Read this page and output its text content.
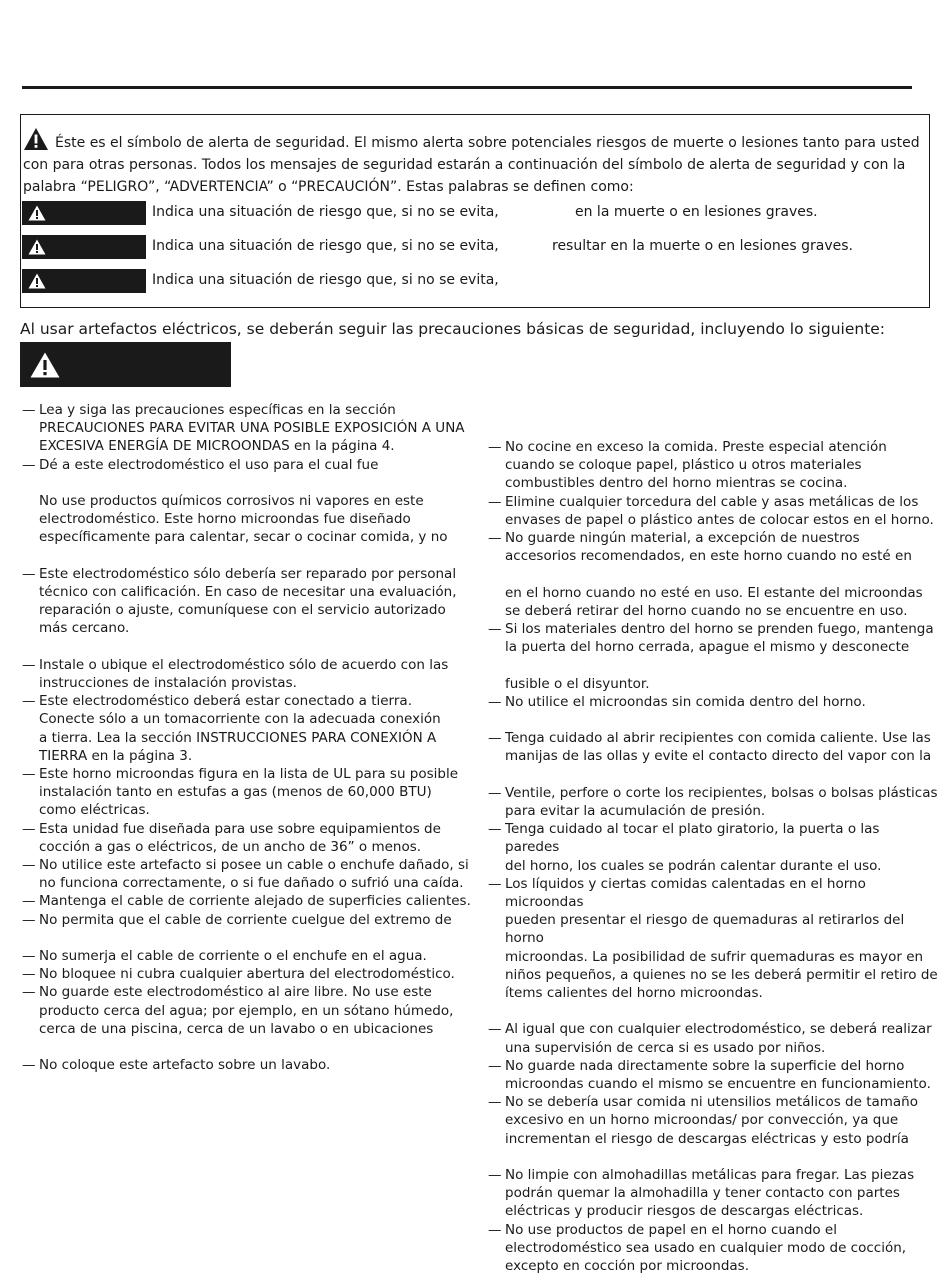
Éste es el símbolo de alerta de seguridad. El mismo alerta sobre potenciales riesgos de muerte o lesiones tanto para usted con para otras personas. Todos los mensajes de seguridad estarán a continuación del símbolo de alerta de seguridad y con la palabra “PELIGRO”, “ADVERTENCIA” o “PRECAUCIÓN”. Estas palabras se definen como:

Indica una situación de riesgo que, si no se evita,	en la muerte o en lesiones graves.
Indica una situación de riesgo que, si no se evita,	resultar en la muerte o en lesiones graves.
Indica una situación de riesgo que, si no se evita,

Al usar artefactos eléctricos, se deberán seguir las precauciones básicas de seguridad, incluyendo lo siguiente:

— Lea y siga las precauciones específicas en la sección
PRECAUCIONES PARA EVITAR UNA POSIBLE EXPOSICIÓN A UNA
EXCESIVA ENERGÍA DE MICROONDAS en la página 4.
— Dé a este electrodoméstico el uso para el cual fue
No use productos químicos corrosivos ni vapores en este
electrodoméstico. Este horno microondas fue diseñado
específicamente para calentar, secar o cocinar comida, y no
— Este electrodoméstico sólo debería ser reparado por personal
técnico con calificación. En caso de necesitar una evaluación,
reparación o ajuste, comuníquese con el servicio autorizado
más cercano.
— Instale o ubique el electrodoméstico sólo de acuerdo con las
instrucciones de instalación provistas.
— Este electrodoméstico deberá estar conectado a tierra.
Conecte sólo a un tomacorriente con la adecuada conexión
a tierra. Lea la sección INSTRUCCIONES PARA CONEXIÓN A
TIERRA en la página 3.
— Este horno microondas figura en la lista de UL para su posible
instalación tanto en estufas a gas (menos de 60,000 BTU)
como eléctricas.
— Esta unidad fue diseñada para use sobre equipamientos de
cocción a gas o eléctricos, de un ancho de 36” o menos.
— No utilice este artefacto si posee un cable o enchufe dañado, si
no funciona correctamente, o si fue dañado o sufrió una caída.
— Mantenga el cable de corriente alejado de superficies calientes.
— No permita que el cable de corriente cuelgue del extremo de
— No sumerja el cable de corriente o el enchufe en el agua.
— No bloquee ni cubra cualquier abertura del electrodoméstico.
— No guarde este electrodoméstico al aire libre. No use este
producto cerca del agua; por ejemplo, en un sótano húmedo,
cerca de una piscina, cerca de un lavabo o en ubicaciones
— No coloque este artefacto sobre un lavabo.
— No cocine en exceso la comida. Preste especial atención
cuando se coloque papel, plástico u otros materiales
combustibles dentro del horno mientras se cocina.
— Elimine cualquier torcedura del cable y asas metálicas de los
envases de papel o plástico antes de colocar estos en el horno.
— No guarde ningún material, a excepción de nuestros
accesorios recomendados, en este horno cuando no esté en
en el horno cuando no esté en uso. El estante del microondas
se deberá retirar del horno cuando no se encuentre en uso.
— Si los materiales dentro del horno se prenden fuego, mantenga
la puerta del horno cerrada, apague el mismo y desconecte
fusible o el disyuntor.
— No utilice el microondas sin comida dentro del horno.
— Tenga cuidado al abrir recipientes con comida caliente. Use las
manijas de las ollas y evite el contacto directo del vapor con la
— Ventile, perfore o corte los recipientes, bolsas o bolsas plásticas
para evitar la acumulación de presión.
— Tenga cuidado al tocar el plato giratorio, la puerta o las paredes
del horno, los cuales se podrán calentar durante el uso.
— Los líquidos y ciertas comidas calentadas en el horno microondas
pueden presentar el riesgo de quemaduras al retirarlos del horno
microondas. La posibilidad de sufrir quemaduras es mayor en
niños pequeños, a quienes no se les deberá permitir el retiro de
ítems calientes del horno microondas.
— Al igual que con cualquier electrodoméstico, se deberá realizar
una supervisión de cerca si es usado por niños.
— No guarde nada directamente sobre la superficie del horno
microondas cuando el mismo se encuentre en funcionamiento.
— No se debería usar comida ni utensilios metálicos de tamaño
excesivo en un horno microondas/ por convección, ya que
incrementan el riesgo de descargas eléctricas y esto podría
— No limpie con almohadillas metálicas para fregar. Las piezas
podrán quemar la almohadilla y tener contacto con partes
eléctricas y producir riesgos de descargas eléctricas.
— No use productos de papel en el horno cuando el
electrodoméstico sea usado en cualquier modo de cocción,
excepto en cocción por microondas.
